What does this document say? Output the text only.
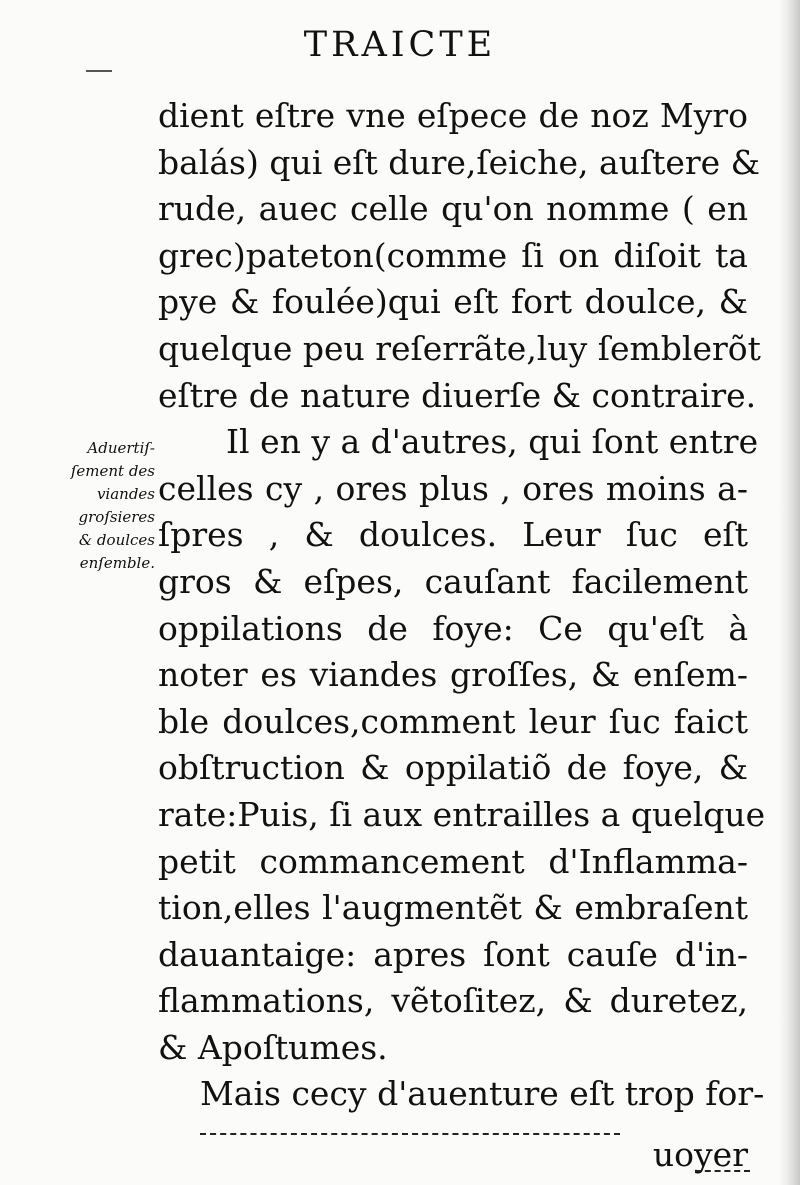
TRAICTE
Aduertiſ-
ſement des
viandes
groſsieres
& doulces
enſemble.
dient eſtre vne eſpece de noz Myro
balás) qui eſt dure,ſeiche, auſtere &
rude, auec celle qu'on nomme ( en
grec)pateton(comme ſi on diſoit ta
pye & foulée)qui eſt fort doulce, &
quelque peu reſerrãte,luy ſemblerõt
eſtre de nature diuerſe & contraire.
Il en y a d'autres, qui ſont entre
celles cy , ores plus , ores moins a-
ſpres , & doulces. Leur ſuc eſt
gros & eſpes, cauſant facilement
oppilations de foye: Ce qu'eſt à
noter es viandes groſſes, & enſem-
ble doulces,comment leur ſuc faict
obſtruction & oppilatiõ de foye, &
rate:Puis, ſi aux entrailles a quelque
petit commancement d'Inflamma-
tion,elles l'augmentẽt & embraſent
dauantaige: apres ſont cauſe d'in-
flammations, vẽtoſitez, & duretez,
& Apoſtumes.
Mais cecy d'auenture eſt trop for-
uoyer
